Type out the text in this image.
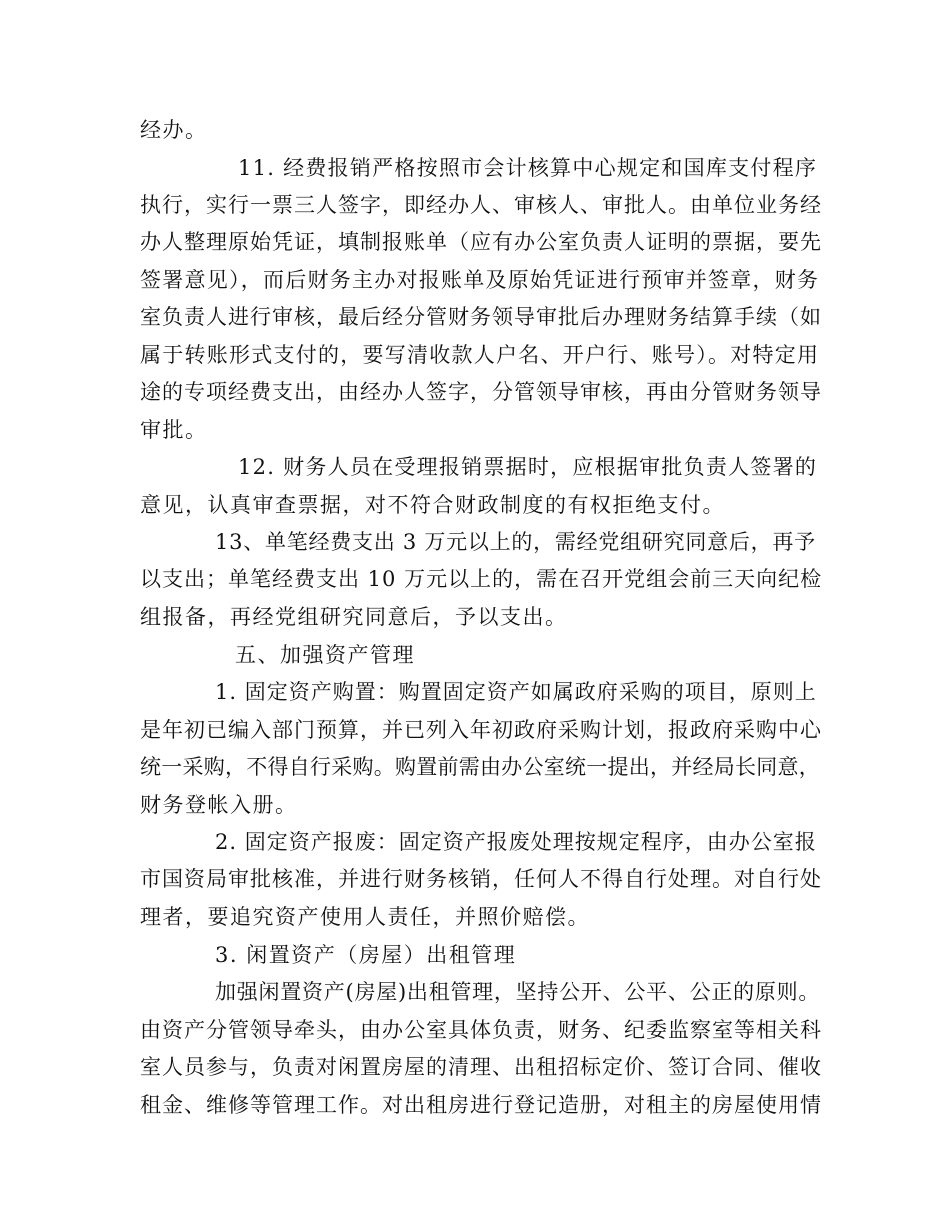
经办。
11. 经费报销严格按照市会计核算中心规定和国库支付程序
执行，实行一票三人签字，即经办人、审核人、审批人。由单位业务经
办人整理原始凭证，填制报账单（应有办公室负责人证明的票据，要先
签署意见），而后财务主办对报账单及原始凭证进行预审并签章，财务
室负责人进行审核，最后经分管财务领导审批后办理财务结算手续（如
属于转账形式支付的，要写清收款人户名、开户行、账号）。对特定用
途的专项经费支出，由经办人签字，分管领导审核，再由分管财务领导
审批。
12. 财务人员在受理报销票据时，应根据审批负责人签署的
意见，认真审查票据，对不符合财政制度的有权拒绝支付。
13、单笔经费支出 3 万元以上的，需经党组研究同意后，再予
以支出；单笔经费支出 10 万元以上的，需在召开党组会前三天向纪检
组报备，再经党组研究同意后，予以支出。
五、加强资产管理
1. 固定资产购置：购置固定资产如属政府采购的项目，原则上
是年初已编入部门预算，并已列入年初政府采购计划，报政府采购中心
统一采购，不得自行采购。购置前需由办公室统一提出，并经局长同意，
财务登帐入册。
2. 固定资产报废：固定资产报废处理按规定程序，由办公室报
市国资局审批核准，并进行财务核销，任何人不得自行处理。对自行处
理者，要追究资产使用人责任，并照价赔偿。
3. 闲置资产（房屋）出租管理
加强闲置资产(房屋)出租管理，坚持公开、公平、公正的原则。
由资产分管领导牵头，由办公室具体负责，财务、纪委监察室等相关科
室人员参与，负责对闲置房屋的清理、出租招标定价、签订合同、催收
租金、维修等管理工作。对出租房进行登记造册，对租主的房屋使用情
